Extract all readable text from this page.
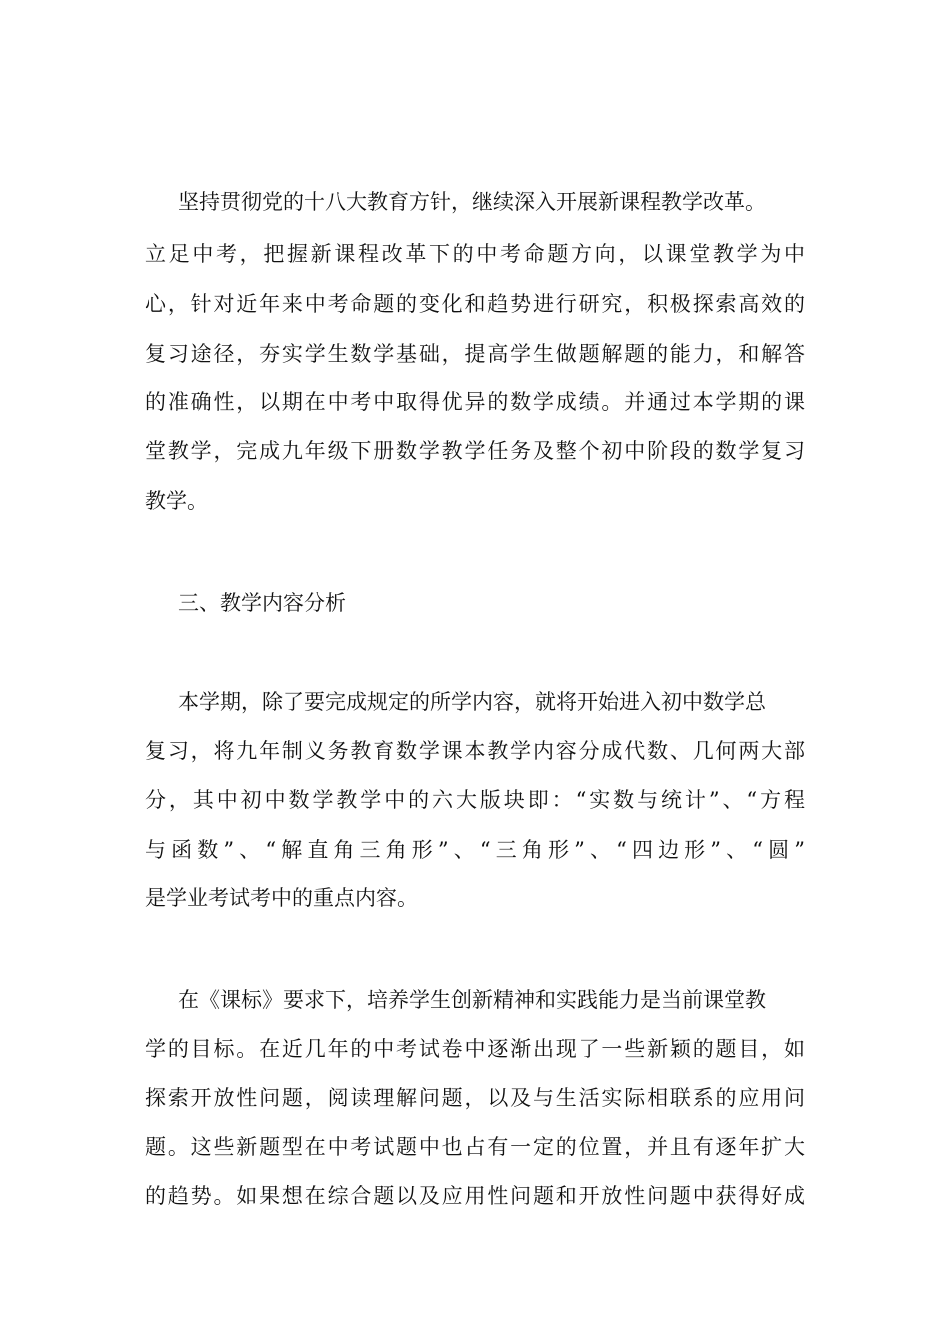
坚持贯彻党的十八大教育方针，继续深入开展新课程教学改革。
立足中考，把握新课程改革下的中考命题方向，以课堂教学为中
心，针对近年来中考命题的变化和趋势进行研究，积极探索高效的
复习途径，夯实学生数学基础，提高学生做题解题的能力，和解答
的准确性，以期在中考中取得优异的数学成绩。并通过本学期的课
堂教学，完成九年级下册数学教学任务及整个初中阶段的数学复习
教学。
三、教学内容分析
本学期，除了要完成规定的所学内容，就将开始进入初中数学总
复习，将九年制义务教育数学课本教学内容分成代数、几何两大部
分，其中初中数学教学中的六大版块即：“实数与统计”、“方程
与函数”、“解直角三角形”、“三角形”、“四边形”、“圆”
是学业考试考中的重点内容。
在《课标》要求下，培养学生创新精神和实践能力是当前课堂教
学的目标。在近几年的中考试卷中逐渐出现了一些新颖的题目，如
探索开放性问题，阅读理解问题，以及与生活实际相联系的应用问
题。这些新题型在中考试题中也占有一定的位置，并且有逐年扩大
的趋势。如果想在综合题以及应用性问题和开放性问题中获得好成
